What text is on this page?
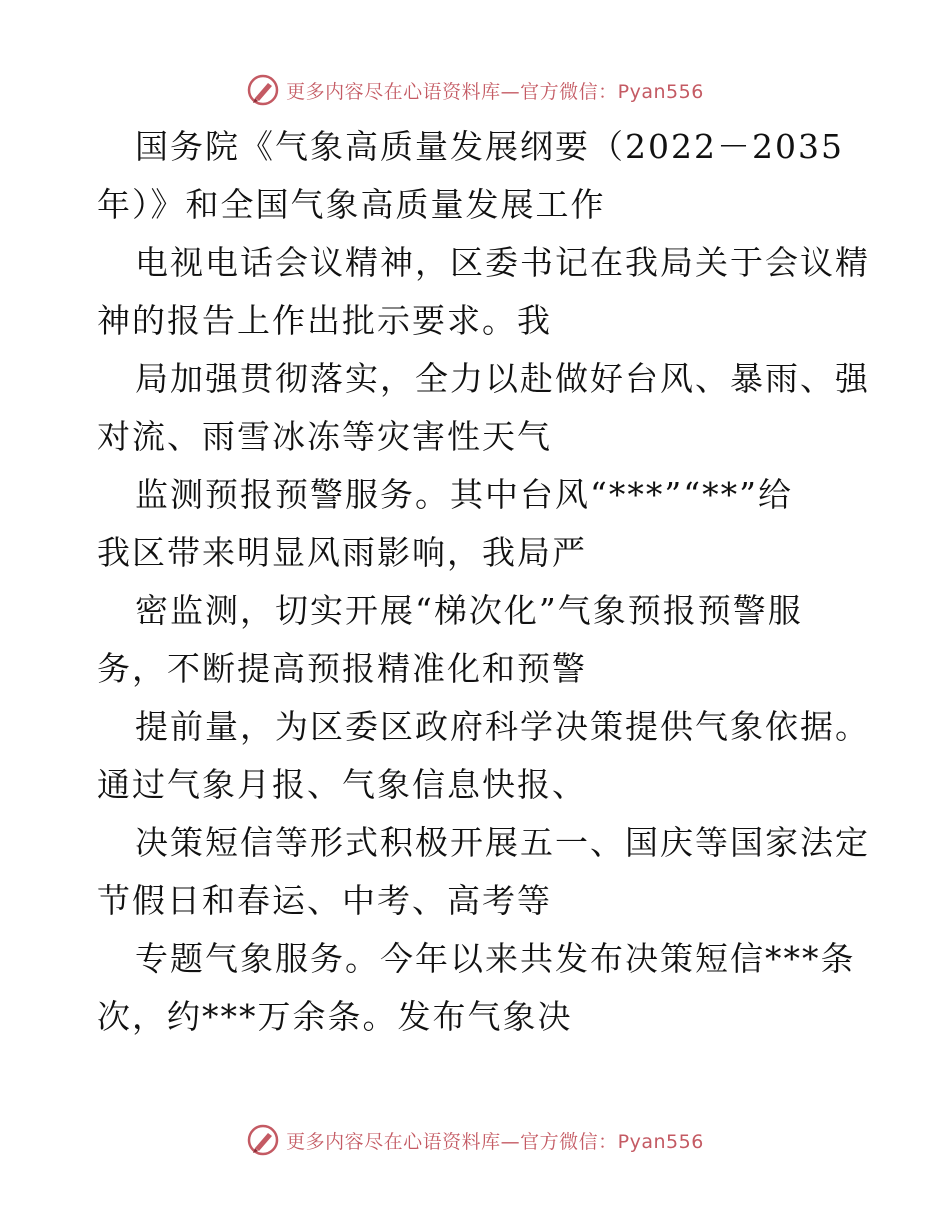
更多内容尽在心语资料库—官方微信：Pyan556
国务院《气象高质量发展纲要（2022－2035
年）》和全国气象高质量发展工作
电视电话会议精神，区委书记在我局关于会议精
神的报告上作出批示要求。我
局加强贯彻落实，全力以赴做好台风、暴雨、强
对流、雨雪冰冻等灾害性天气
监测预报预警服务。其中台风“***”“**”给
我区带来明显风雨影响，我局严
密监测，切实开展“梯次化”气象预报预警服
务，不断提高预报精准化和预警
提前量，为区委区政府科学决策提供气象依据。
通过气象月报、气象信息快报、
决策短信等形式积极开展五一、国庆等国家法定
节假日和春运、中考、高考等
专题气象服务。今年以来共发布决策短信***条
次，约***万余条。发布气象决
更多内容尽在心语资料库—官方微信：Pyan556
